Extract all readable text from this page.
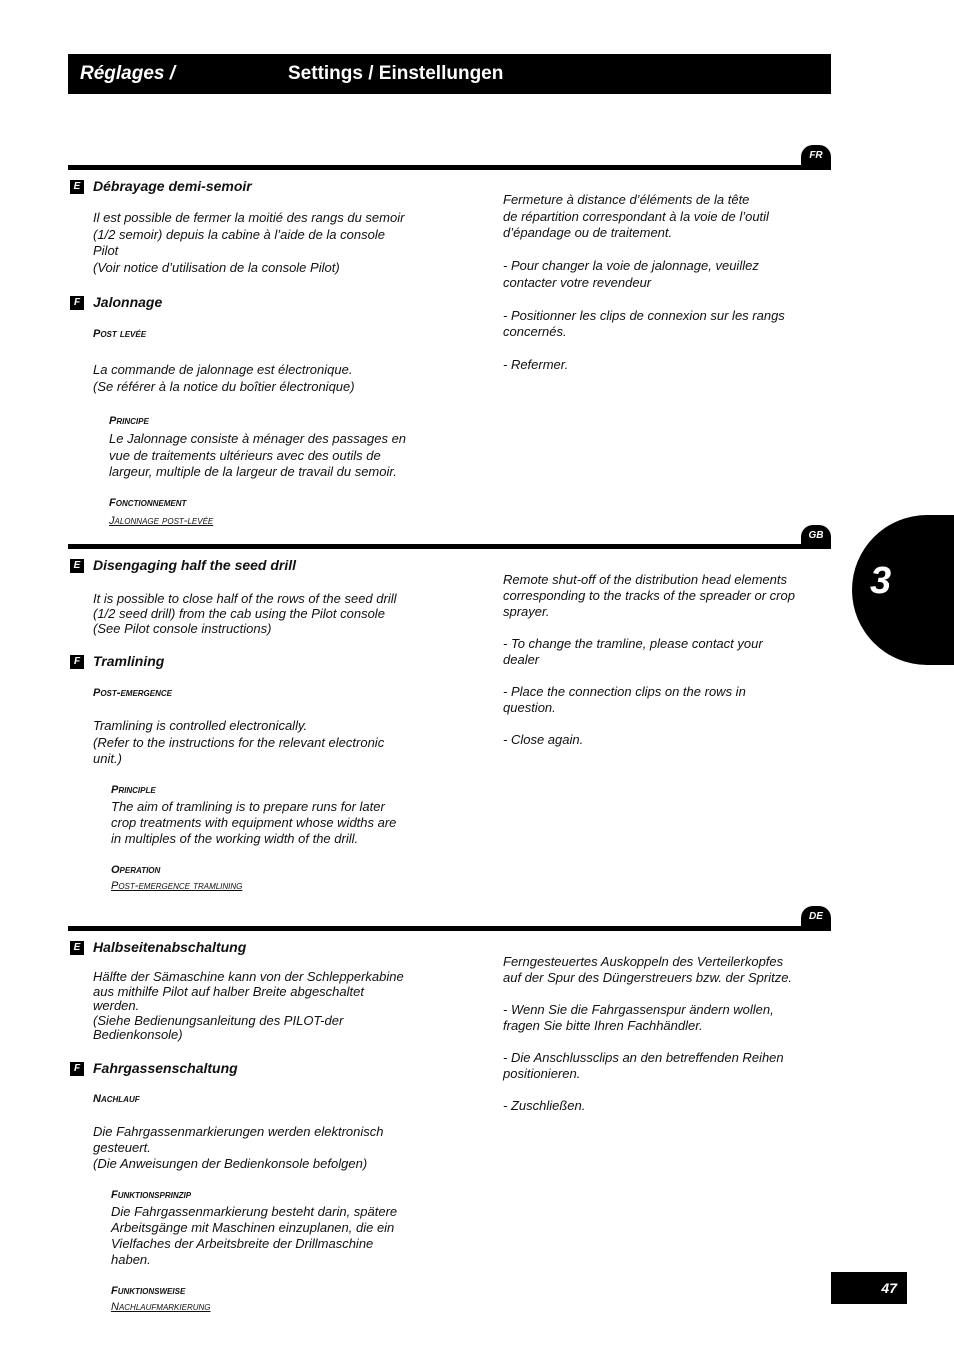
Réglages /	Settings / Einstellungen
3
FR
E Débrayage demi-semoir
Il est possible de fermer la moitié des rangs du semoir
(1/2 semoir) depuis la cabine à l’aide de la console
Pilot
(Voir notice d’utilisation de la console Pilot)
F Jalonnage
Post levée
La commande de jalonnage est électronique.
(Se référer à la notice du boîtier électronique)
Principe
Le Jalonnage consiste à ménager des passages en
vue de traitements ultérieurs avec des outils de
largeur, multiple de la largeur de travail du semoir.
Fonctionnement
Jalonnage post-levée
Fermeture à distance d’éléments de la tête
de répartition correspondant à la voie de l’outil
d’épandage ou de traitement.

- Pour changer la voie de jalonnage, veuillez
contacter votre revendeur

- Positionner les clips de connexion sur les rangs
concernés.

- Refermer.
GB
E Disengaging half the seed drill
It is possible to close half of the rows of the seed drill
(1/2 seed drill) from the cab using the Pilot console
(See Pilot console instructions)
F Tramlining
Post-emergence
Tramlining is controlled electronically.
(Refer to the instructions for the relevant electronic
unit.)
Principle
The aim of tramlining is to prepare runs for later
crop treatments with equipment whose widths are
in multiples of the working width of the drill.
Operation
Post-emergence tramlining
Remote shut-off of the distribution head elements
corresponding to the tracks of the spreader or crop
sprayer.

- To change the tramline, please contact your
dealer

- Place the connection clips on the rows in
question.

- Close again.
DE
E Halbseitenabschaltung
Hälfte der Sämaschine kann von der Schlepperkabine
aus mithilfe Pilot auf halber Breite abgeschaltet
werden.
(Siehe Bedienungsanleitung des PILOT-der
Bedienkonsole)
F Fahrgassenschaltung
Nachlauf
Die Fahrgassenmarkierungen werden elektronisch
gesteuert.
(Die Anweisungen der Bedienkonsole befolgen)
Funktionsprinzip
Die Fahrgassenmarkierung besteht darin, spätere
Arbeitsgänge mit Maschinen einzuplanen, die ein
Vielfaches der Arbeitsbreite der Drillmaschine
haben.
Funktionsweise
Nachlaufmarkierung
Ferngesteuertes Auskoppeln des Verteilerkopfes
auf der Spur des Düngerstreuers bzw. der Spritze.

- Wenn Sie die Fahrgassenspur ändern wollen,
fragen Sie bitte Ihren Fachhändler.

- Die Anschlussclips an den betreffenden Reihen
positionieren.

- Zuschließen.
47
